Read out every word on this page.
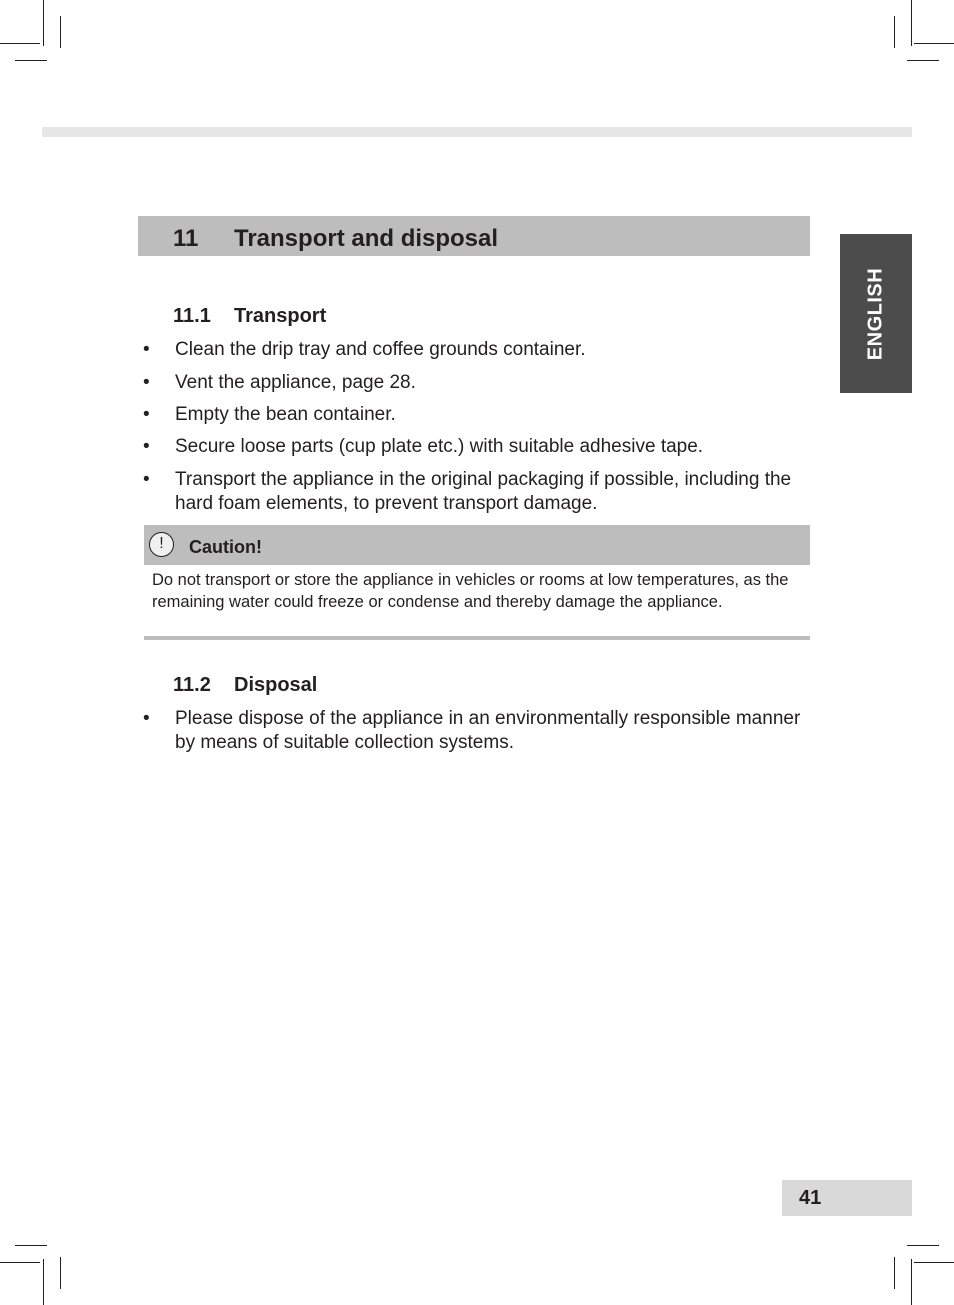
ENGLISH
11 Transport and disposal
11.1 Transport
• Clean the drip tray and coffee grounds container.
• Vent the appliance, page 28.
• Empty the bean container.
• Secure loose parts (cup plate etc.) with suitable adhesive tape.
• Transport the appliance in the original packaging if possible, including the hard foam elements, to prevent transport damage.
!	Caution!
Do not transport or store the appliance in vehicles or rooms at low temperatures, as the remaining water could freeze or condense and thereby damage the appliance.
11.2 Disposal
• Please dispose of the appliance in an environmentally responsible manner by means of suitable collection systems.
41
